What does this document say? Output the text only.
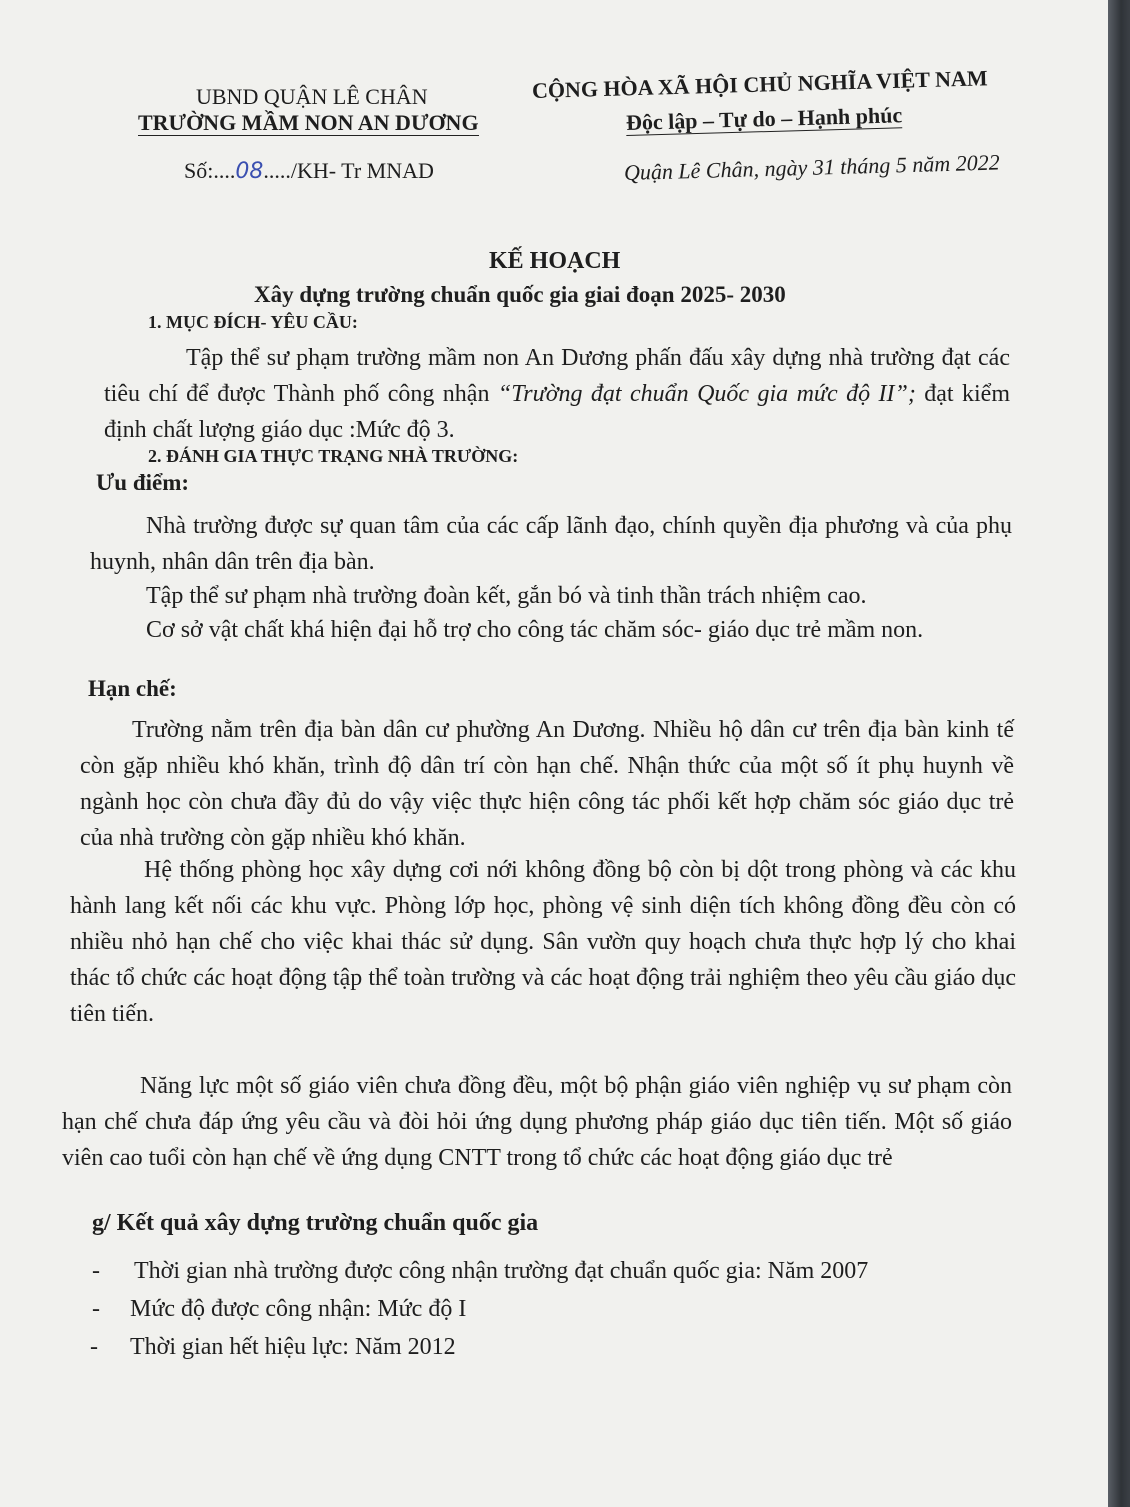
UBND QUẬN LÊ CHÂN
TRƯỜNG MẦM NON AN DƯƠNG
Số:....08...../KH- Tr MNAD
CỘNG HÒA XÃ HỘI CHỦ NGHĨA VIỆT NAM
Độc lập – Tự do – Hạnh phúc
Quận Lê Chân, ngày 31 tháng 5 năm 2022
KẾ HOẠCH
Xây dựng trường chuẩn quốc gia giai đoạn 2025- 2030
1. MỤC ĐÍCH- YÊU CẦU:
Tập thể sư phạm trường mầm non An Dương phấn đấu xây dựng nhà trường đạt các tiêu chí để được Thành phố công nhận “Trường đạt chuẩn Quốc gia mức độ II”; đạt kiểm định chất lượng giáo dục :Mức độ 3.
2. ĐÁNH GIA THỰC TRẠNG NHÀ TRƯỜNG:
Ưu điểm:
Nhà trường được sự quan tâm của các cấp lãnh đạo, chính quyền địa phương và của phụ huynh, nhân dân trên địa bàn.
Tập thể sư phạm nhà trường đoàn kết, gắn bó và tinh thần trách nhiệm cao.
Cơ sở vật chất khá hiện đại hỗ trợ cho công tác chăm sóc- giáo dục trẻ mầm non.
Hạn chế:
Trường nằm trên địa bàn dân cư phường An Dương. Nhiều hộ dân cư trên địa bàn kinh tế còn gặp nhiều khó khăn, trình độ dân trí còn hạn chế. Nhận thức của một số ít phụ huynh về ngành học còn chưa đầy đủ do vậy việc thực hiện công tác phối kết hợp chăm sóc giáo dục trẻ của nhà trường còn gặp nhiều khó khăn.
Hệ thống phòng học xây dựng cơi nới không đồng bộ còn bị dột trong phòng và các khu hành lang kết nối các khu vực. Phòng lớp học, phòng vệ sinh diện tích không đồng đều còn có nhiều nhỏ hạn chế cho việc khai thác sử dụng. Sân vườn quy hoạch chưa thực hợp lý cho khai thác tổ chức các hoạt động tập thể toàn trường và các hoạt động trải nghiệm theo yêu cầu giáo dục tiên tiến.
Năng lực một số giáo viên chưa đồng đều, một bộ phận giáo viên nghiệp vụ sư phạm còn hạn chế chưa đáp ứng yêu cầu và đòi hỏi ứng dụng phương pháp giáo dục tiên tiến. Một số giáo viên cao tuổi còn hạn chế về ứng dụng CNTT trong tổ chức các hoạt động giáo dục trẻ
g/ Kết quả xây dựng trường chuẩn quốc gia
- Thời gian nhà trường được công nhận trường đạt chuẩn quốc gia: Năm 2007
- Mức độ được công nhận: Mức độ I
- Thời gian hết hiệu lực: Năm 2012
